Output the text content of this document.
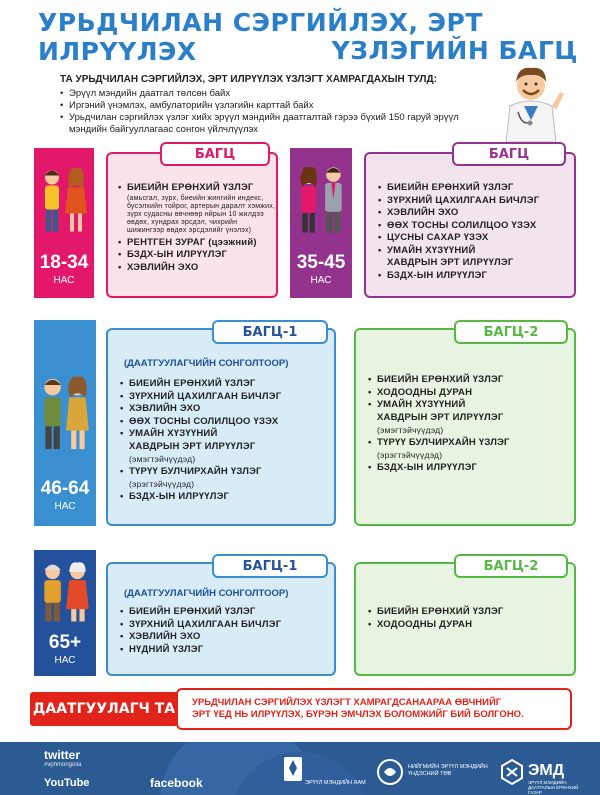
УРЬДЧИЛАН СЭРГИЙЛЭХ, ЭРТ ИЛРҮҮЛЭХ	ҮЗЛЭГИЙН БАГЦ
ТА УРЬДЧИЛАН СЭРГИЙЛЭХ, ЭРТ ИЛРҮҮЛЭХ ҮЗЛЭГТ ХАМРАГДАХЫН ТУЛД:
• Эрүүл мэндийн даатгал төлсөн байх
• Иргэний үнэмлэх, амбулаторийн үзлэгийн карттай байх
• Урьдчилан сэргийлэх үзлэг хийх эрүүл мэндийн даатгалтай гэрээ бүхий 150 гаруй эрүүл мэндийн байгууллагаас сонгон үйлчлүүлэх
18-34
НАС
БАГЦ
• БИЕИЙН ЕРӨНХИЙ ҮЗЛЭГ
(амьсгал, зүрх, биеийн жингийн индекс, бусэлхийн тойрог, артерын даралт хэмжих, зүрх судасны өвчнөөр нйрын 10 жилдээ өвдөх, хундрах эрсдэл, чихрийн шижингээр өвдөх эрсдэлийг үнэлэх)
• РЕНТГЕН ЗУРАГ (цээжний)
• БЗДХ-ЫН ИЛРҮҮЛЭГ
• ХЭВЛИЙН ЭХО	35-45
НАС
БАГЦ
• БИЕИЙН ЕРӨНХИЙ ҮЗЛЭГ
• ЗҮРХНИЙ ЦАХИЛГААН БИЧЛЭГ
• ХЭВЛИЙН ЭХО
• ӨӨХ ТОСНЫ СОЛИЛЦОО ҮЗЭХ
• ЦУСНЫ САХАР ҮЗЭХ
• УМАЙН ХҮЗҮҮНИЙ
ХАВДРЫН ЭРТ ИЛРҮҮЛЭГ
• БЗДХ-ЫН ИЛРҮҮЛЭГ
46-64
НАС
БАГЦ-1
(ДААТГУУЛАГЧИЙН СОНГОЛТООР)
• БИЕИЙН ЕРӨНХИЙ ҮЗЛЭГ
• ЗҮРХНИЙ ЦАХИЛГААН БИЧЛЭГ
• ХЭВЛИЙН ЭХО
• ӨӨХ ТОСНЫ СОЛИЛЦОО ҮЗЭХ
• УМАЙН ХҮЗҮҮНИЙ
ХАВДРЫН ЭРТ ИЛРҮҮЛЭГ
(эмэгтэйчүүдэд)
• ТҮРҮҮ БУЛЧИРХАЙН ҮЗЛЭГ
(эрэгтэйчүүдэд)
• БЗДХ-ЫН ИЛРҮҮЛЭГ
БАГЦ-2
• БИЕИЙН ЕРӨНХИЙ ҮЗЛЭГ
• ХОДООДНЫ ДУРАН
• УМАЙН ХҮЗҮҮНИЙ
ХАВДРЫН ЭРТ ИЛРҮҮЛЭГ
(эмэгтэйчүүдэд)
• ТҮРҮҮ БУЛЧИРХАЙН ҮЗЛЭГ
(эрэгтэйчүүдэд)
• БЗДХ-ЫН ИЛРҮҮЛЭГ
65+
НАС
БАГЦ-1
(ДААТГУУЛАГЧИЙН СОНГОЛТООР)
• БИЕИЙН ЕРӨНХИЙ ҮЗЛЭГ
• ЗҮРХНИЙ ЦАХИЛГААН БИЧЛЭГ
• ХЭВЛИЙН ЭХО
• НҮДНИЙ ҮЗЛЭГ
БАГЦ-2
• БИЕИЙН ЕРӨНХИЙ ҮЗЛЭГ
• ХОДООДНЫ ДУРАН
УРЬДЧИЛАН СЭРГИЙЛЭХ ҮЗЛЭГТ ХАМРАГДСАНААРАА ӨВЧНИЙГ
ЭРТ ҮЕД НЬ ИЛРҮҮЛЭХ, БҮРЭН ЭМЧЛЭХ БОЛОМЖИЙГ БИЙ БОЛГОНО.
ДААТГУУЛАГЧ ТА
twitter
#vphmongolia
YouTube	facebook	ЭРҮҮЛ МЭНДИЙН ЯАМ
НИЙГМИЙН ЭРҮҮЛ МЭНДИЙН ҮНДЭСНИЙ ТӨВ	ЭМД
ЭРҮҮЛ МЭНДИЙН ДААТГАЛЫН ЕРӨНХИЙ ГАЗАР
